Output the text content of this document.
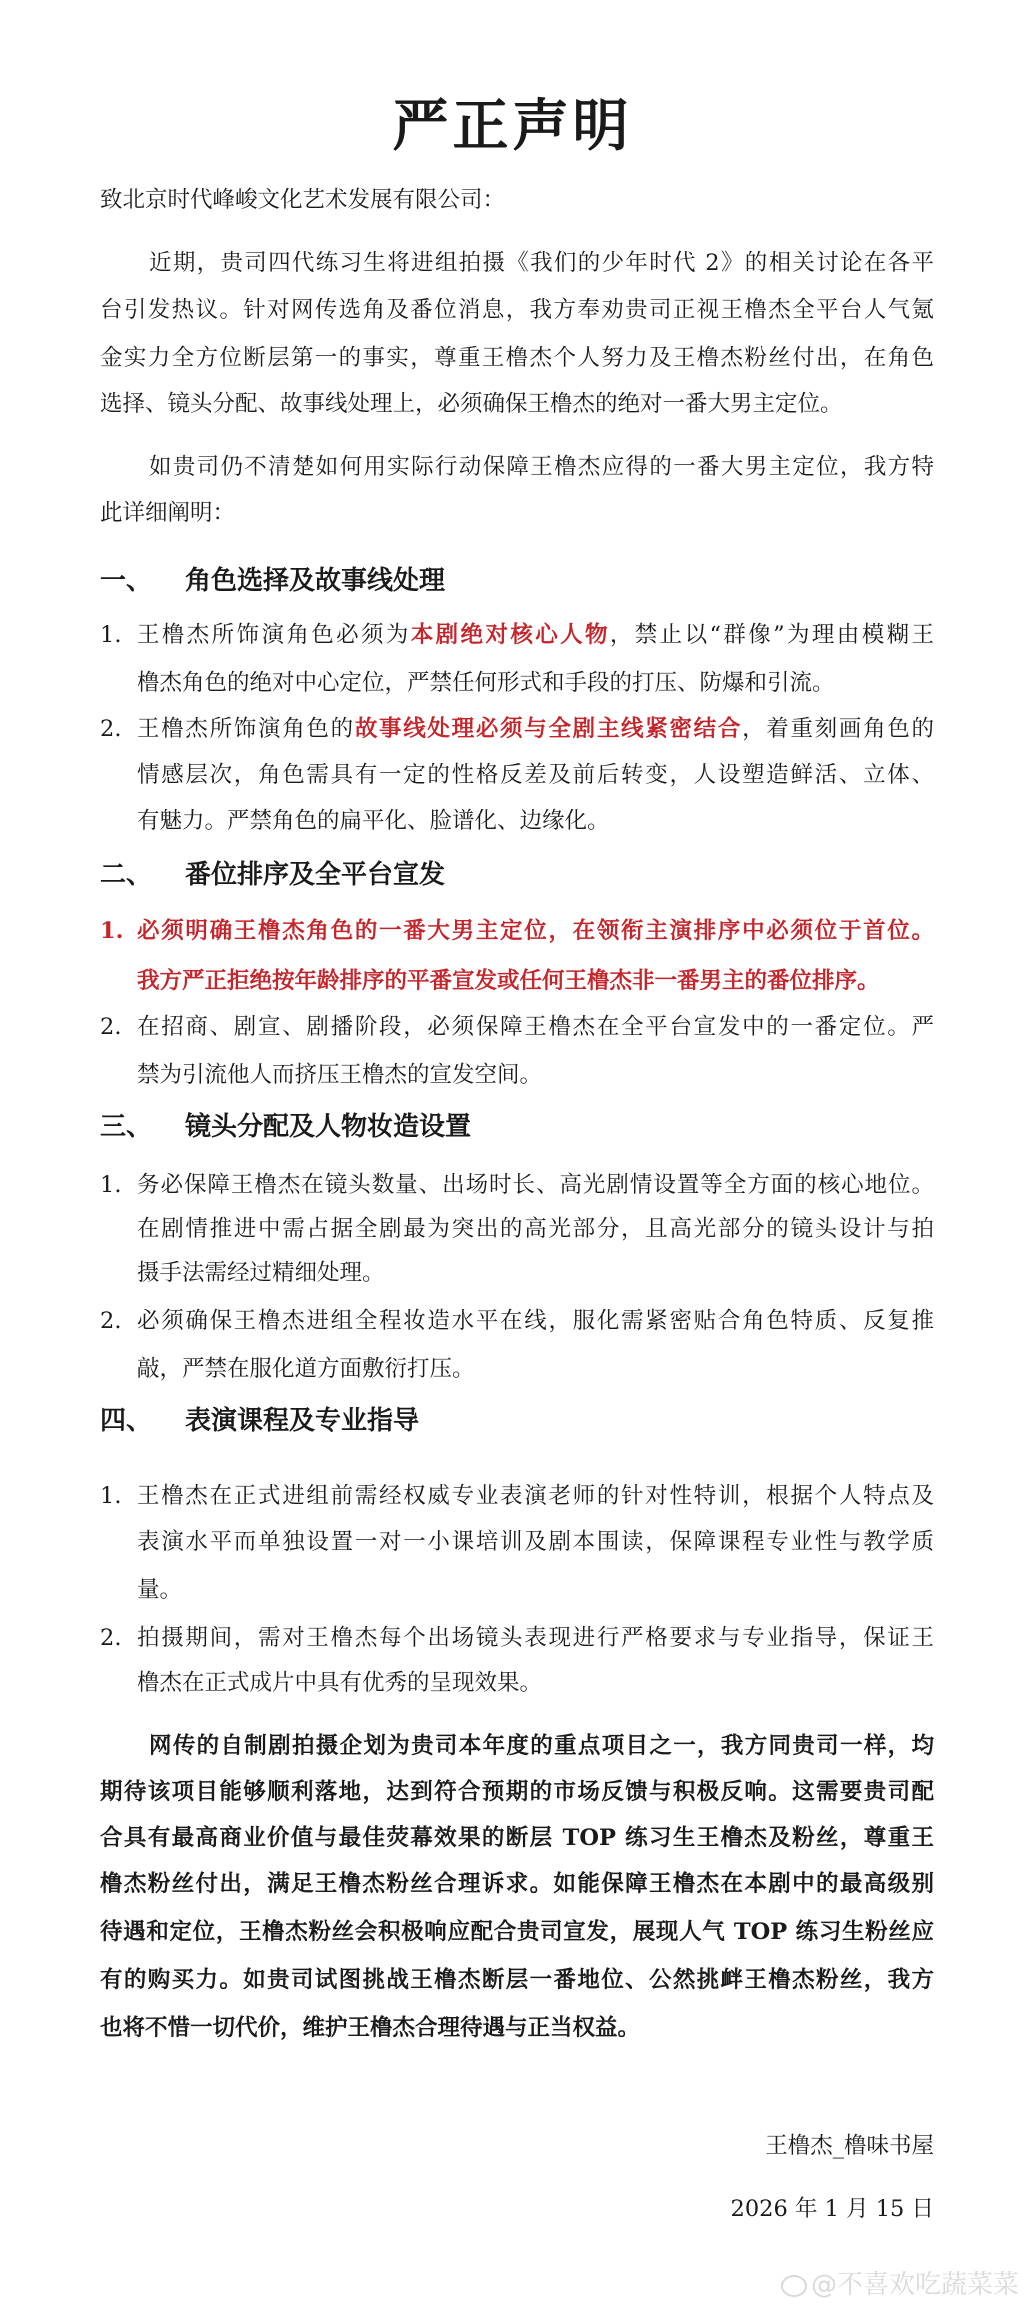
严正声明
致北京时代峰峻文化艺术发展有限公司：
近期，贵司四代练习生将进组拍摄《我们的少年时代 2》的相关讨论在各平
台引发热议。针对网传选角及番位消息，我方奉劝贵司正视王橹杰全平台人气氪
金实力全方位断层第一的事实，尊重王橹杰个人努力及王橹杰粉丝付出，在角色
选择、镜头分配、故事线处理上，必须确保王橹杰的绝对一番大男主定位。
如贵司仍不清楚如何用实际行动保障王橹杰应得的一番大男主定位，我方特
此详细阐明：
一、 角色选择及故事线处理
王橹杰所饰演角色必须为本剧绝对核心人物，禁止以“群像”为理由模糊王
1.
橹杰角色的绝对中心定位，严禁任何形式和手段的打压、防爆和引流。
王橹杰所饰演角色的故事线处理必须与全剧主线紧密结合，着重刻画角色的
2.
情感层次，角色需具有一定的性格反差及前后转变，人设塑造鲜活、立体、
有魅力。严禁角色的扁平化、脸谱化、边缘化。
二、 番位排序及全平台宣发
必须明确王橹杰角色的一番大男主定位，在领衔主演排序中必须位于首位。
1.
我方严正拒绝按年龄排序的平番宣发或任何王橹杰非一番男主的番位排序。
在招商、剧宣、剧播阶段，必须保障王橹杰在全平台宣发中的一番定位。严
2.
禁为引流他人而挤压王橹杰的宣发空间。
三、 镜头分配及人物妆造设置
务必保障王橹杰在镜头数量、出场时长、高光剧情设置等全方面的核心地位。
1.
在剧情推进中需占据全剧最为突出的高光部分，且高光部分的镜头设计与拍
摄手法需经过精细处理。
必须确保王橹杰进组全程妆造水平在线，服化需紧密贴合角色特质、反复推
2.
敲，严禁在服化道方面敷衍打压。
四、 表演课程及专业指导
王橹杰在正式进组前需经权威专业表演老师的针对性特训，根据个人特点及
1.
表演水平而单独设置一对一小课培训及剧本围读，保障课程专业性与教学质
量。
拍摄期间，需对王橹杰每个出场镜头表现进行严格要求与专业指导，保证王
2.
橹杰在正式成片中具有优秀的呈现效果。
网传的自制剧拍摄企划为贵司本年度的重点项目之一，我方同贵司一样，均
期待该项目能够顺利落地，达到符合预期的市场反馈与积极反响。这需要贵司配
合具有最高商业价值与最佳荧幕效果的断层 TOP 练习生王橹杰及粉丝，尊重王
橹杰粉丝付出，满足王橹杰粉丝合理诉求。如能保障王橹杰在本剧中的最高级别
待遇和定位，王橹杰粉丝会积极响应配合贵司宣发，展现人气 TOP 练习生粉丝应
有的购买力。如贵司试图挑战王橹杰断层一番地位、公然挑衅王橹杰粉丝，我方
也将不惜一切代价，维护王橹杰合理待遇与正当权益。
王橹杰_橹味书屋
2026 年 1 月 15 日
@不喜欢吃蔬菜菜
